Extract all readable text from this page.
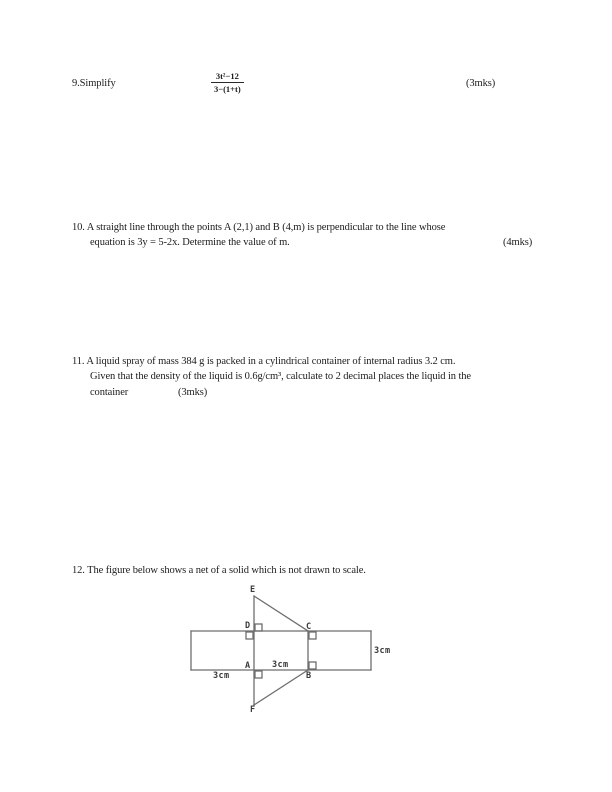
9.Simplify	$\frac{\text{3t²−12}}{3-(1+t)}$	(3mks)
10. A straight line through the points A (2,1) and B (4,m) is perpendicular to the line whose
equation is 3y = 5-2x. Determine the value of m.	(4mks)
11. A liquid spray of mass 384 g is packed in a cylindrical container of internal radius 3.2 cm.
Given that the density of the liquid is 0.6g/cm³, calculate to 2 decimal places the liquid in the
container	(3mks)
12. The figure below shows a net of a solid which is not drawn to scale.
E
D	C
A
B
F
3cm
3cm
3cm
